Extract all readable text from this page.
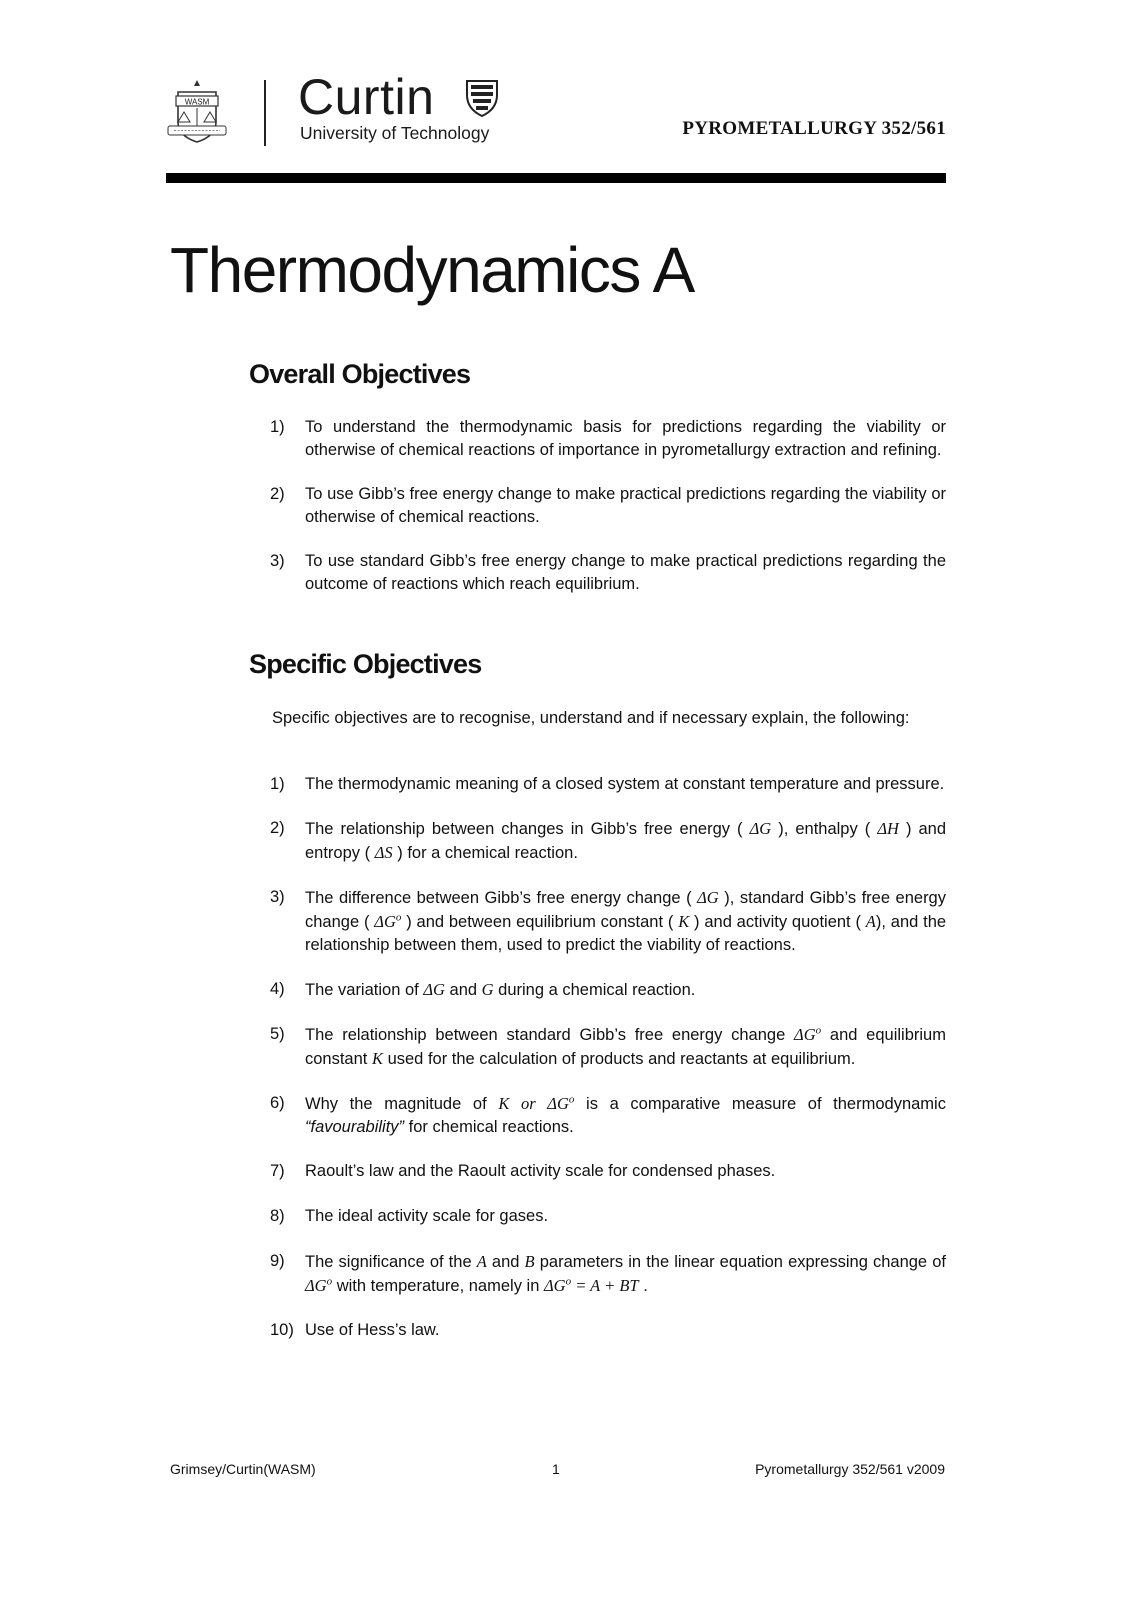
WASM Curtin
University of Technology	PYROMETALLURGY 352/561
Thermodynamics A
Overall Objectives
1) To understand the thermodynamic basis for predictions regarding the viability or otherwise of chemical reactions of importance in pyrometallurgy extraction and refining.
2) To use Gibb’s free energy change to make practical predictions regarding the viability or otherwise of chemical reactions.
3) To use standard Gibb’s free energy change to make practical predictions regarding the outcome of reactions which reach equilibrium.
Specific Objectives

Specific objectives are to recognise, understand and if necessary explain, the following:

1) The thermodynamic meaning of a closed system at constant temperature and pressure.
2) The relationship between changes in Gibb’s free energy ( ΔG ), enthalpy ( ΔH ) and entropy ( ΔS ) for a chemical reaction.
3) The difference between Gibb’s free energy change ( ΔG ), standard Gibb’s free energy change ( $\Delta G^o$ ) and between equilibrium constant ( K ) and activity quotient ( A), and the relationship between them, used to predict the viability of reactions.
4) The variation of ΔG and G during a chemical reaction.
5) The relationship between standard Gibb’s free energy change $\Delta G^o$ and equilibrium constant K used for the calculation of products and reactants at equilibrium.
6) Why the magnitude of K or $\Delta G^o$ is a comparative measure of thermodynamic “favourability” for chemical reactions.
7) Raoult’s law and the Raoult activity scale for condensed phases.
8) The ideal activity scale for gases.
9) The significance of the A and B parameters in the linear equation expressing change of $\Delta G^o$ with temperature, namely in $\Delta G^o = A$ + BT .
10) Use of Hess’s law.
Grimsey/Curtin(WASM)	1	Pyrometallurgy 352/561 v2009
